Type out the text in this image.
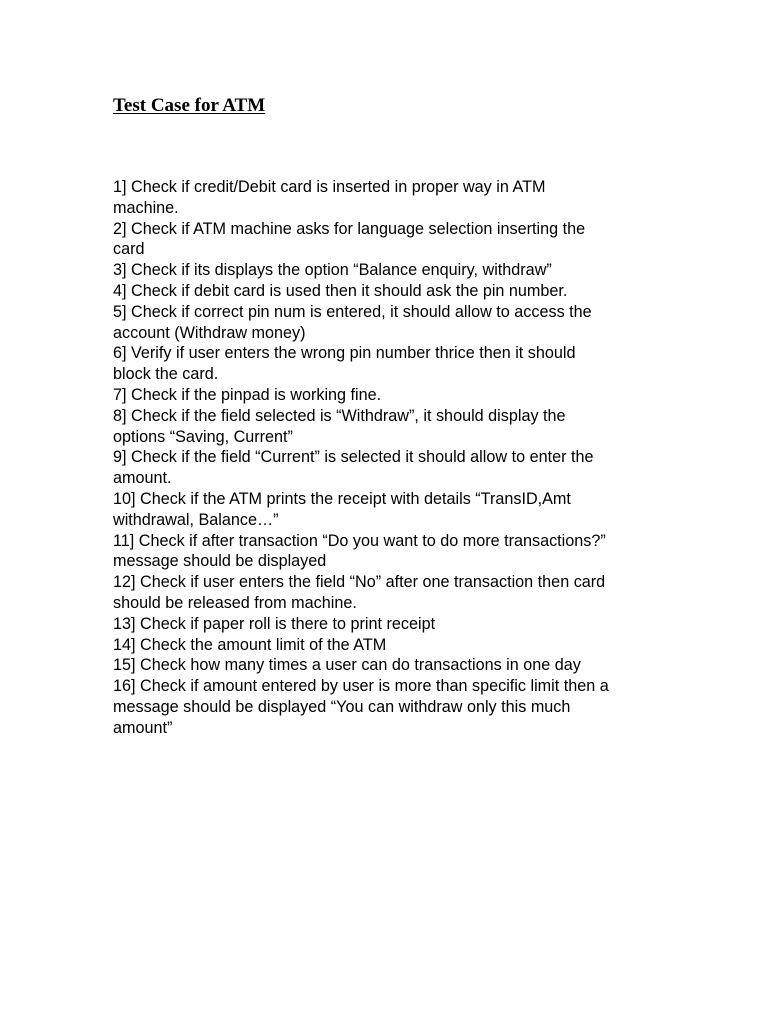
Test Case for ATM
1] Check if credit/Debit card is inserted in proper way in ATM
machine.
2] Check if ATM machine asks for language selection inserting the
card
3] Check if its displays the option “Balance enquiry, withdraw”
4] Check if debit card is used then it should ask the pin number.
5] Check if correct pin num is entered, it should allow to access the
account (Withdraw money)
6] Verify if user enters the wrong pin number thrice then it should
block the card.
7] Check if the pinpad is working fine.
8] Check if the field selected is “Withdraw”, it should display the
options “Saving, Current”
9] Check if the field “Current” is selected it should allow to enter the
amount.
10] Check if the ATM prints the receipt with details “TransID,Amt
withdrawal, Balance…”
11] Check if after transaction “Do you want to do more transactions?”
message should be displayed
12] Check if user enters the field “No” after one transaction then card
should be released from machine.
13] Check if paper roll is there to print receipt
14] Check the amount limit of the ATM
15] Check how many times a user can do transactions in one day
16] Check if amount entered by user is more than specific limit then a
message should be displayed “You can withdraw only this much
amount”
